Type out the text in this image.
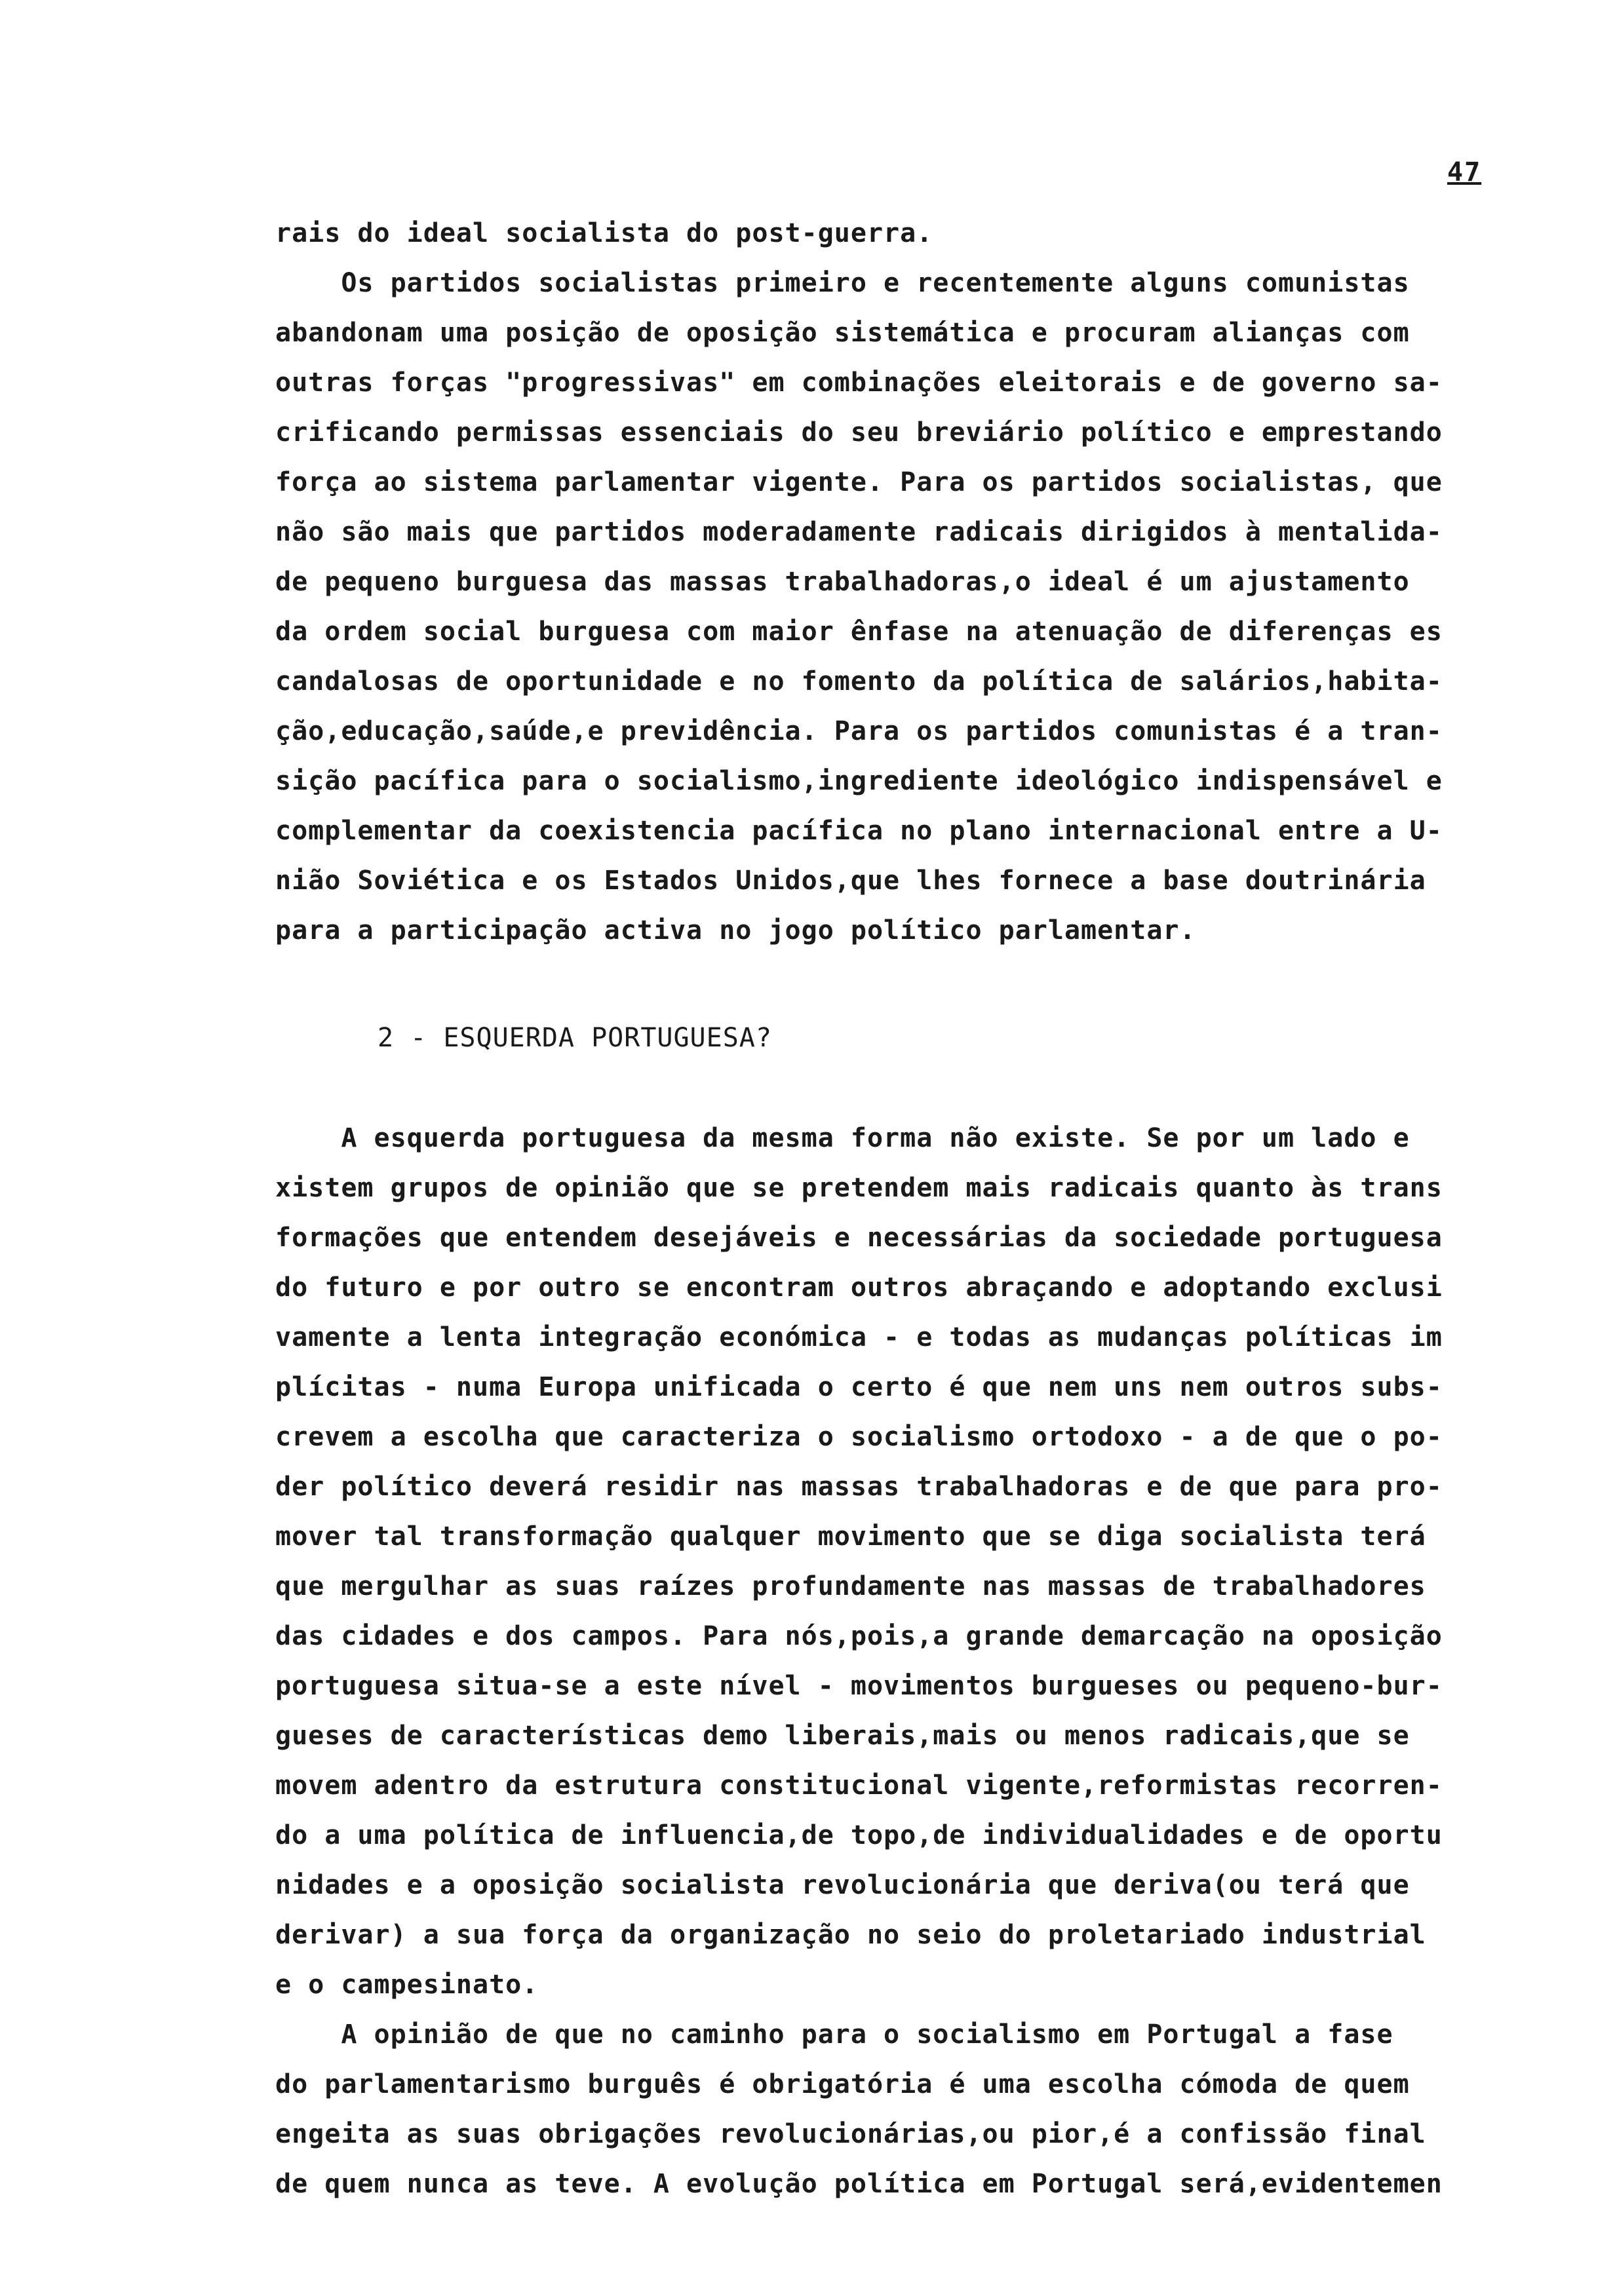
47
rais do ideal socialista do post-guerra.
Os partidos socialistas primeiro e recentemente alguns comunistas
abandonam uma posição de oposição sistemática e procuram alianças com
outras forças "progressivas" em combinações eleitorais e de governo sa-
crificando permissas essenciais do seu breviário político e emprestando
força ao sistema parlamentar vigente. Para os partidos socialistas, que
não são mais que partidos moderadamente radicais dirigidos à mentalida-
de pequeno burguesa das massas trabalhadoras,o ideal é um ajustamento
da ordem social burguesa com maior ênfase na atenuação de diferenças es
candalosas de oportunidade e no fomento da política de salários,habita-
ção,educação,saúde,e previdência. Para os partidos comunistas é a tran-
sição pacífica para o socialismo,ingrediente ideológico indispensável e
complementar da coexistencia pacífica no plano internacional entre a U-
nião Soviética e os Estados Unidos,que lhes fornece a base doutrinária
para a participação activa no jogo político parlamentar.
2 - ESQUERDA PORTUGUESA?
A esquerda portuguesa da mesma forma não existe. Se por um lado e
xistem grupos de opinião que se pretendem mais radicais quanto às trans
formações que entendem desejáveis e necessárias da sociedade portuguesa
do futuro e por outro se encontram outros abraçando e adoptando exclusi
vamente a lenta integração económica - e todas as mudanças políticas im
plícitas - numa Europa unificada o certo é que nem uns nem outros subs-
crevem a escolha que caracteriza o socialismo ortodoxo - a de que o po-
der político deverá residir nas massas trabalhadoras e de que para pro-
mover tal transformação qualquer movimento que se diga socialista terá
que mergulhar as suas raízes profundamente nas massas de trabalhadores
das cidades e dos campos. Para nós,pois,a grande demarcação na oposição
portuguesa situa-se a este nível - movimentos burgueses ou pequeno-bur-
gueses de características demo liberais,mais ou menos radicais,que se
movem adentro da estrutura constitucional vigente,reformistas recorren-
do a uma política de influencia,de topo,de individualidades e de oportu
nidades e a oposição socialista revolucionária que deriva(ou terá que
derivar) a sua força da organização no seio do proletariado industrial
e o campesinato.
A opinião de que no caminho para o socialismo em Portugal a fase
do parlamentarismo burguês é obrigatória é uma escolha cómoda de quem
engeita as suas obrigações revolucionárias,ou pior,é a confissão final
de quem nunca as teve. A evolução política em Portugal será,evidentemen
